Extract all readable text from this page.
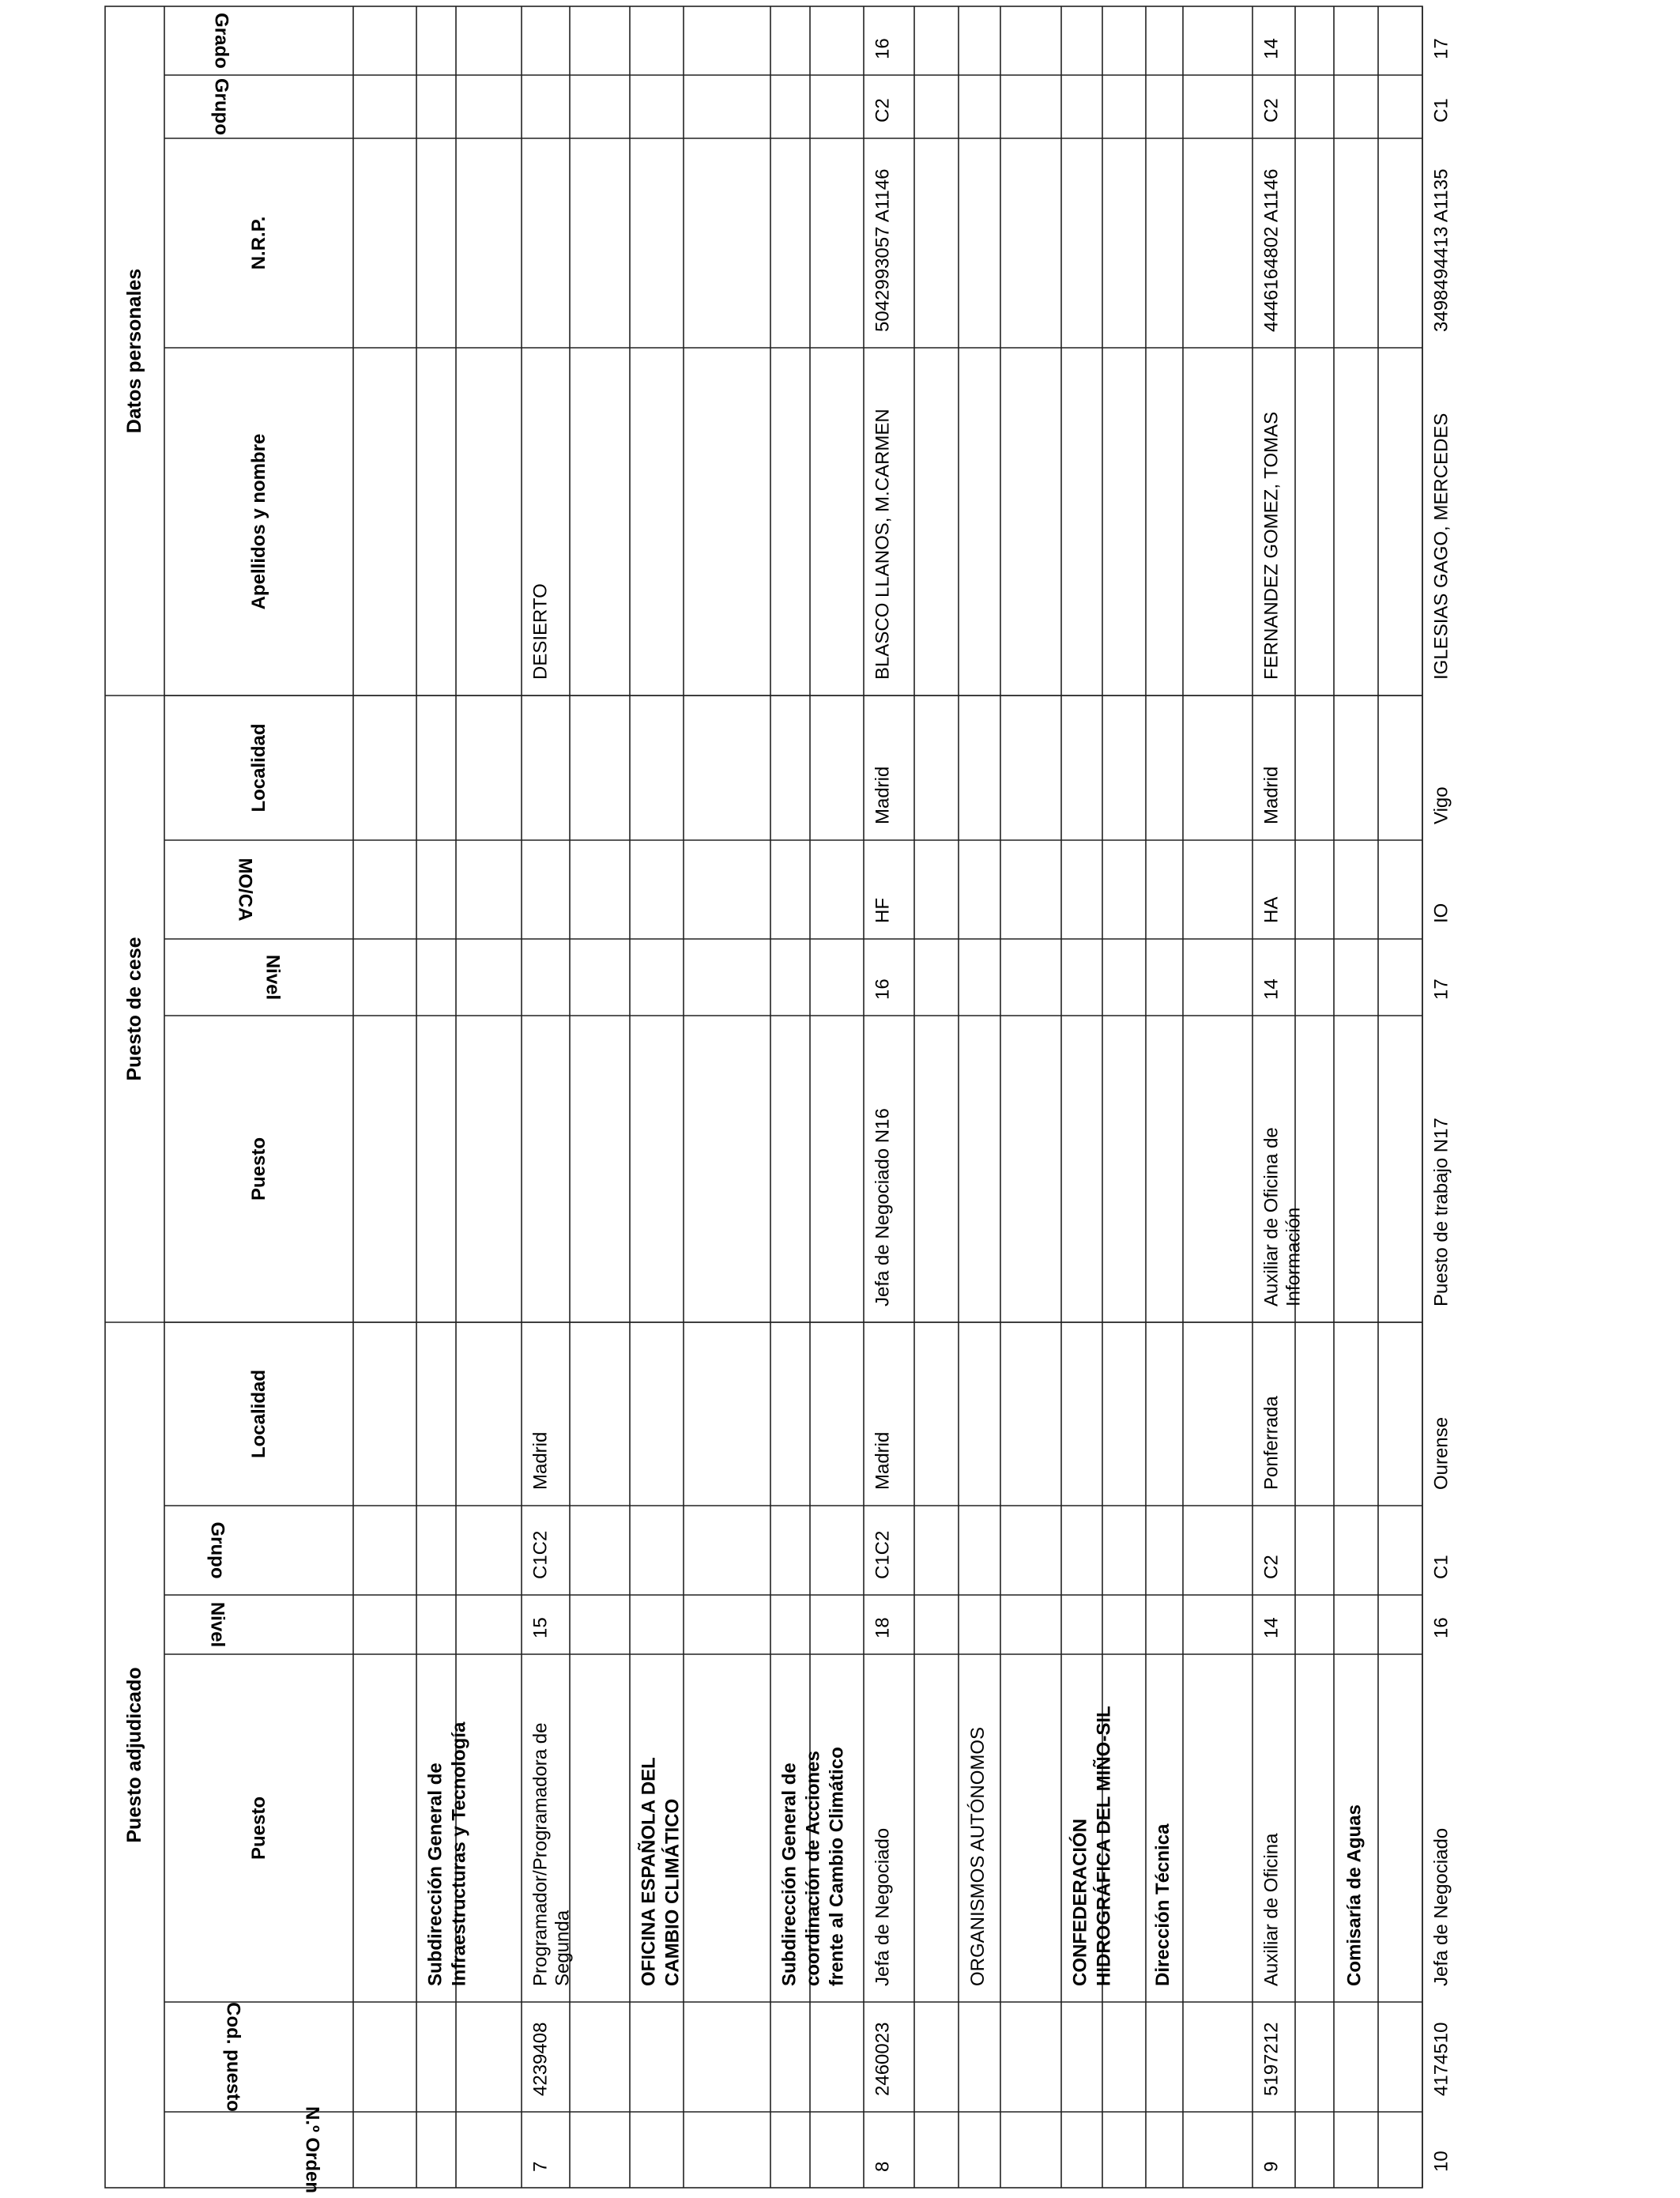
Datos personales
Puesto de cese
Puesto adjudicado
N.R.P.
Apellidos y nombre
Localidad
Puesto
Localidad
Puesto
Grado
Grupo
MO/CA
Nivel
Grupo
Nivel
Cod. puesto
N.º Orden
Subdirección General de Infraestructuras y Tecnología
7
4239408
Programador/Programadora de Segunda
15
C1C2
Madrid
DESIERTO
OFICINA ESPAÑOLA DEL CAMBIO CLIMÁTICO	Subdirección General de coordinación de Acciones frente al Cambio Climático
8
2460023
Jefa de Negociado
18
C1C2
Madrid
Jefa de Negociado N16
16
HF
Madrid
BLASCO LLANOS, M.CARMEN
5042993057 A1146
C2
16
ORGANISMOS AUTÓNOMOS	CONFEDERACIÓN HIDROGRÁFICA DEL MIÑO-SIL Dirección Técnica
9
5197212
Auxiliar de Oficina
14
C2
Ponferrada
Auxiliar de Oficina de Información
14
HA
Madrid
FERNANDEZ GOMEZ, TOMAS
4446164802 A1146
C2
14
Comisaría de Aguas
10
4174510
Jefa de Negociado
16
C1
Ourense
Puesto de trabajo N17
17
IO
Vigo
IGLESIAS GAGO, MERCEDES
3498494413 A1135
C1
17
